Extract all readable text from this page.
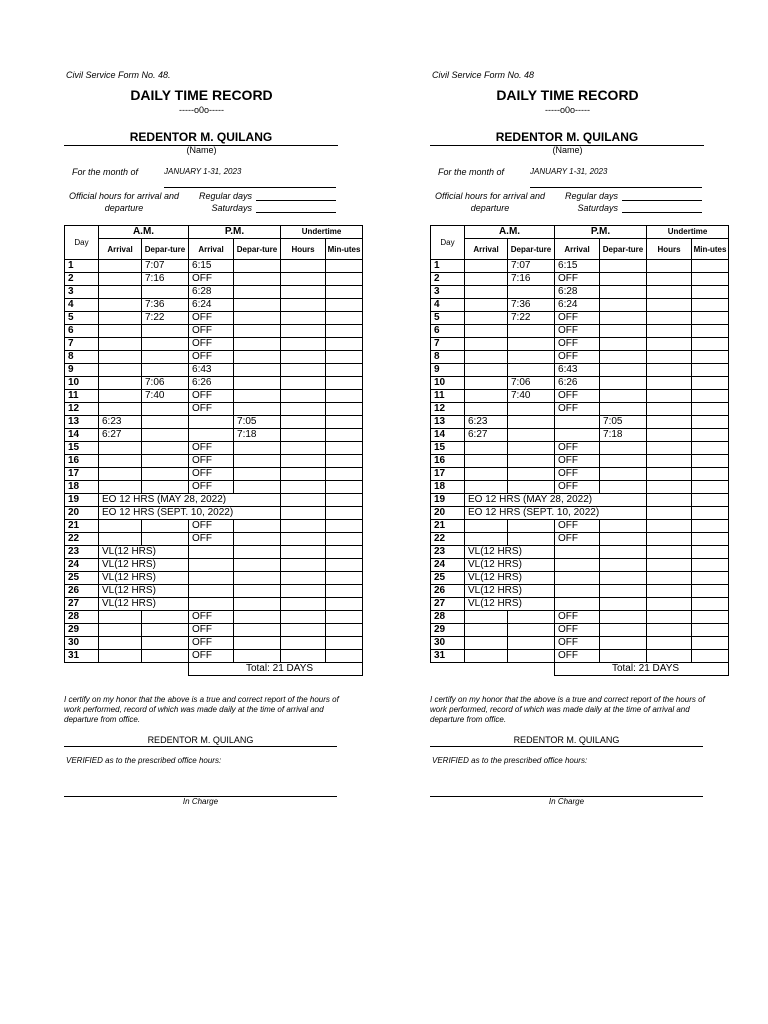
Civil Service Form No. 48.
DAILY TIME RECORD
-----o0o-----
REDENTOR M. QUILANG
(Name)
For the month of	JANUARY 1-31, 2023
Official hours for arrival and departure
Regular days
Saturdays
Day	A.M.		P.M.		Undertime	
	Arrival	Depar-ture	Arrival	Depar-ture	Hours	Min-utes
1		7:07	6:15			
2		7:16	OFF			
3			6:28			
4		7:36	6:24			
5		7:22	OFF			
6			OFF			
7			OFF			
8			OFF			
9			6:43			
10		7:06	6:26			
11		7:40	OFF			
12			OFF			
13	6:23			7:05		
14	6:27			7:18		
15			OFF			
16			OFF			
17			OFF			
18			OFF			
19	EO 12 HRS (MAY 28, 2022)					
20	EO 12 HRS (SEPT. 10, 2022)					
21			OFF			
22			OFF			
23	VL(12 HRS)					
24	VL(12 HRS)					
25	VL(12 HRS)					
26	VL(12 HRS)					
27	VL(12 HRS)					
28			OFF			
29			OFF			
30			OFF			
31			OFF			
			Total: 21 DAYS			
I certify on my honor that the above is a true and correct report of the hours of work performed, record of which was made daily at the time of arrival and departure from office.
REDENTOR M. QUILANG
VERIFIED as to the prescribed office hours:
In Charge
Civil Service Form No. 48
DAILY TIME RECORD
-----o0o-----
REDENTOR M. QUILANG
(Name)
For the month of	JANUARY 1-31, 2023
Official hours for arrival and departure
Regular days
Saturdays
Day	A.M.		P.M.		Undertime	
	Arrival	Depar-ture	Arrival	Depar-ture	Hours	Min-utes
1		7:07	6:15			
2		7:16	OFF			
3			6:28			
4		7:36	6:24			
5		7:22	OFF			
6			OFF			
7			OFF			
8			OFF			
9			6:43			
10		7:06	6:26			
11		7:40	OFF			
12			OFF			
13	6:23			7:05		
14	6:27			7:18		
15			OFF			
16			OFF			
17			OFF			
18			OFF			
19	EO 12 HRS (MAY 28, 2022)					
20	EO 12 HRS (SEPT. 10, 2022)					
21			OFF			
22			OFF			
23	VL(12 HRS)					
24	VL(12 HRS)					
25	VL(12 HRS)					
26	VL(12 HRS)					
27	VL(12 HRS)					
28			OFF			
29			OFF			
30			OFF			
31			OFF			
			Total: 21 DAYS			
I certify on my honor that the above is a true and correct report of the hours of work performed, record of which was made daily at the time of arrival and departure from office.
REDENTOR M. QUILANG
VERIFIED as to the prescribed office hours:
In Charge
